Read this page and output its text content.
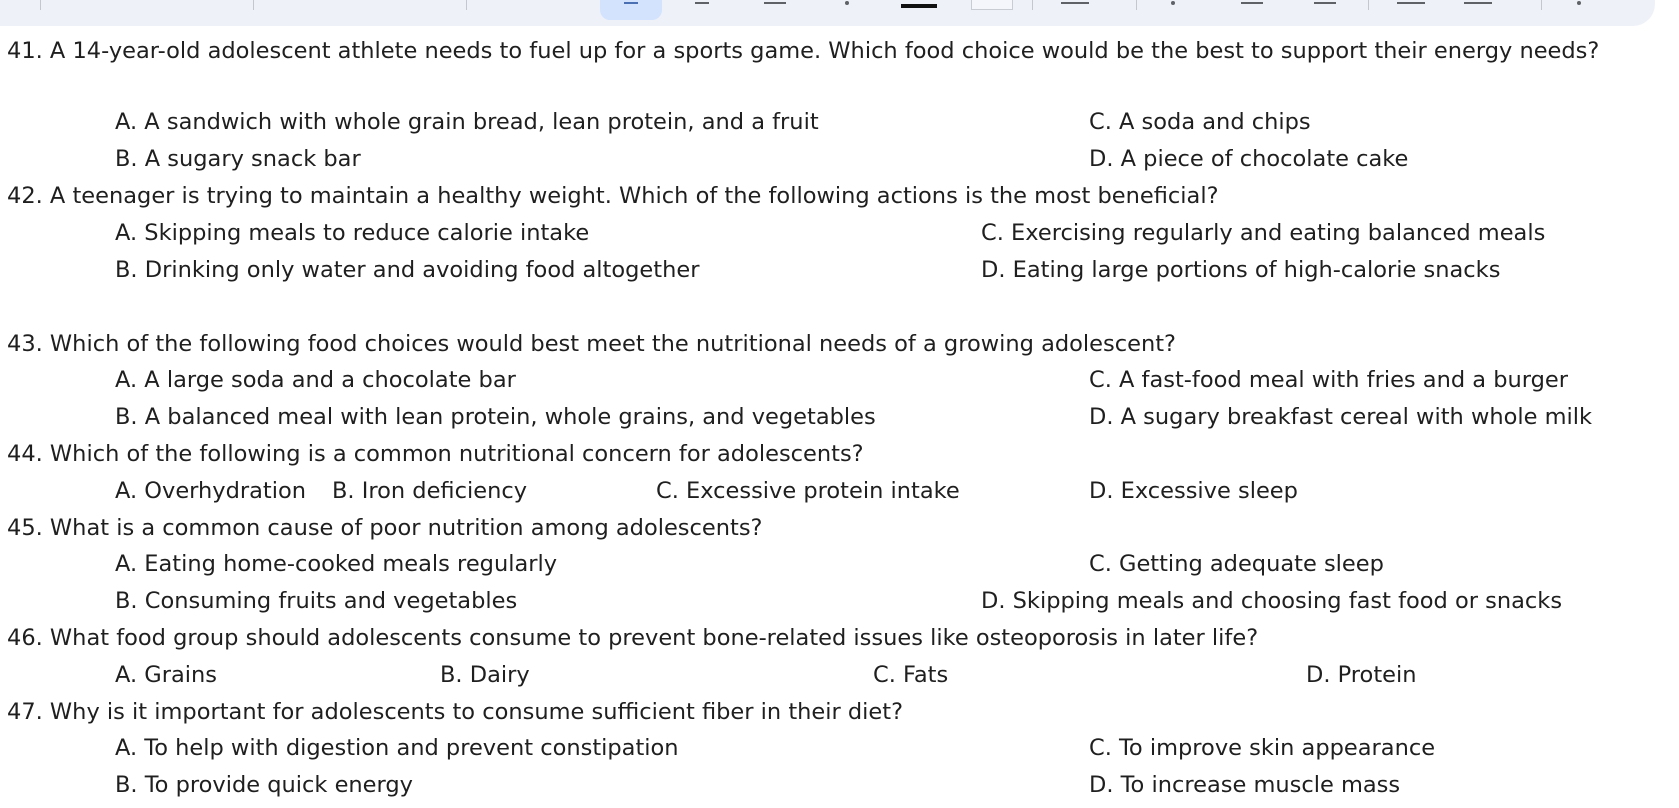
41. A 14-year-old adolescent athlete needs to fuel up for a sports game. Which food choice would be the best to support their energy needs?
A. A sandwich with whole grain bread, lean protein, and a fruit	C. A soda and chips
B. A sugary snack bar	D. A piece of chocolate cake
42. A teenager is trying to maintain a healthy weight. Which of the following actions is the most beneficial?
A. Skipping meals to reduce calorie intake	C. Exercising regularly and eating balanced meals
B. Drinking only water and avoiding food altogether	D. Eating large portions of high-calorie snacks
43. Which of the following food choices would best meet the nutritional needs of a growing adolescent?
A. A large soda and a chocolate bar	C. A fast-food meal with fries and a burger
B. A balanced meal with lean protein, whole grains, and vegetables	D. A sugary breakfast cereal with whole milk
44. Which of the following is a common nutritional concern for adolescents?
A. Overhydration B. Iron deficiency	C. Excessive protein intake	D. Excessive sleep
45. What is a common cause of poor nutrition among adolescents?
A. Eating home-cooked meals regularly	C. Getting adequate sleep
B. Consuming fruits and vegetables	D. Skipping meals and choosing fast food or snacks
46. What food group should adolescents consume to prevent bone-related issues like osteoporosis in later life?
A. Grains	B. Dairy	C. Fats	D. Protein
47. Why is it important for adolescents to consume sufficient fiber in their diet?
A. To help with digestion and prevent constipation	C. To improve skin appearance
B. To provide quick energy	D. To increase muscle mass
